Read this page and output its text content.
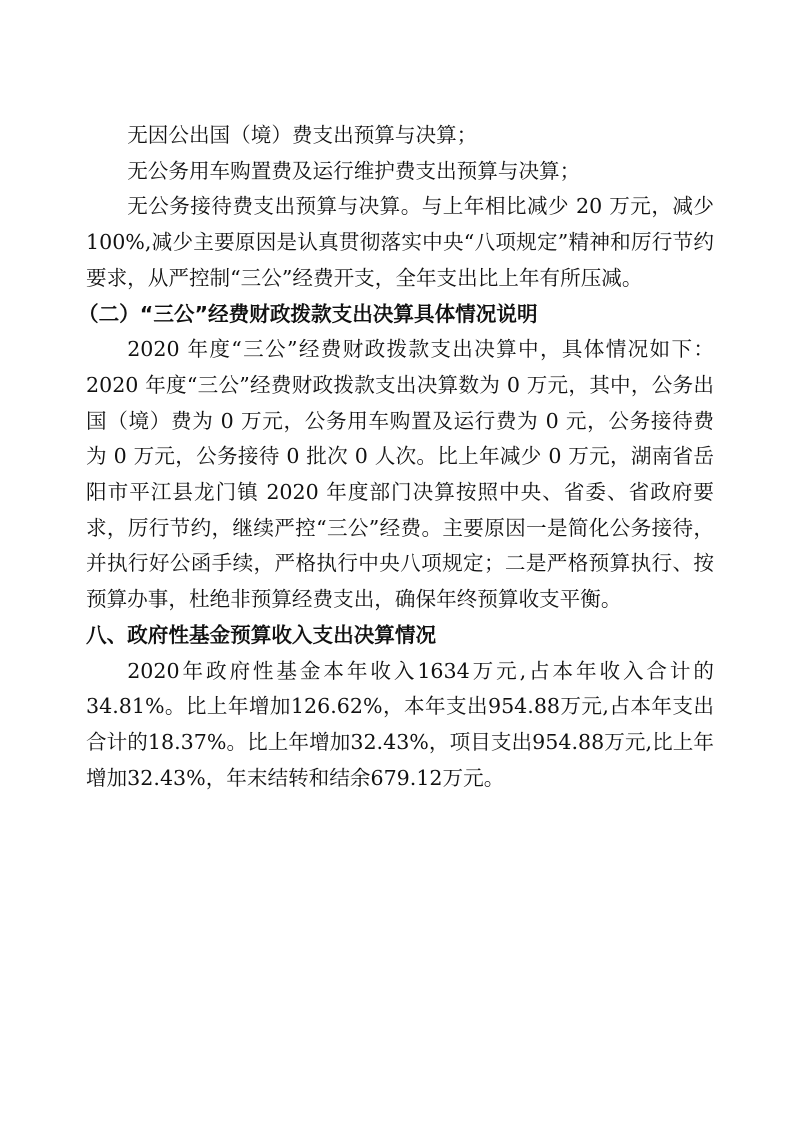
无因公出国（境）费支出预算与决算；

无公务用车购置费及运行维护费支出预算与决算；

无公务接待费支出预算与决算。与上年相比减少 20 万元，减少 100%,减少主要原因是认真贯彻落实中央“八项规定”精神和厉行节约要求，从严控制“三公”经费开支，全年支出比上年有所压减。

（二）“三公”经费财政拨款支出决算具体情况说明

2020 年度“三公”经费财政拨款支出决算中，具体情况如下：2020 年度“三公”经费财政拨款支出决算数为 0 万元，其中，公务出国（境）费为 0 万元，公务用车购置及运行费为 0 元，公务接待费为 0 万元，公务接待 0 批次 0 人次。比上年减少 0 万元，湖南省岳阳市平江县龙门镇 2020 年度部门决算按照中央、省委、省政府要求，厉行节约，继续严控“三公”经费。主要原因一是简化公务接待，并执行好公函手续，严格执行中央八项规定；二是严格预算执行、按预算办事，杜绝非预算经费支出，确保年终预算收支平衡。

八、政府性基金预算收入支出决算情况

2020年政府性基金本年收入1634万元,占本年收入合计的34.81%。比上年增加126.62%，本年支出954.88万元,占本年支出合计的18.37%。比上年增加32.43%，项目支出954.88万元,比上年增加32.43%，年末结转和结余679.12万元。
